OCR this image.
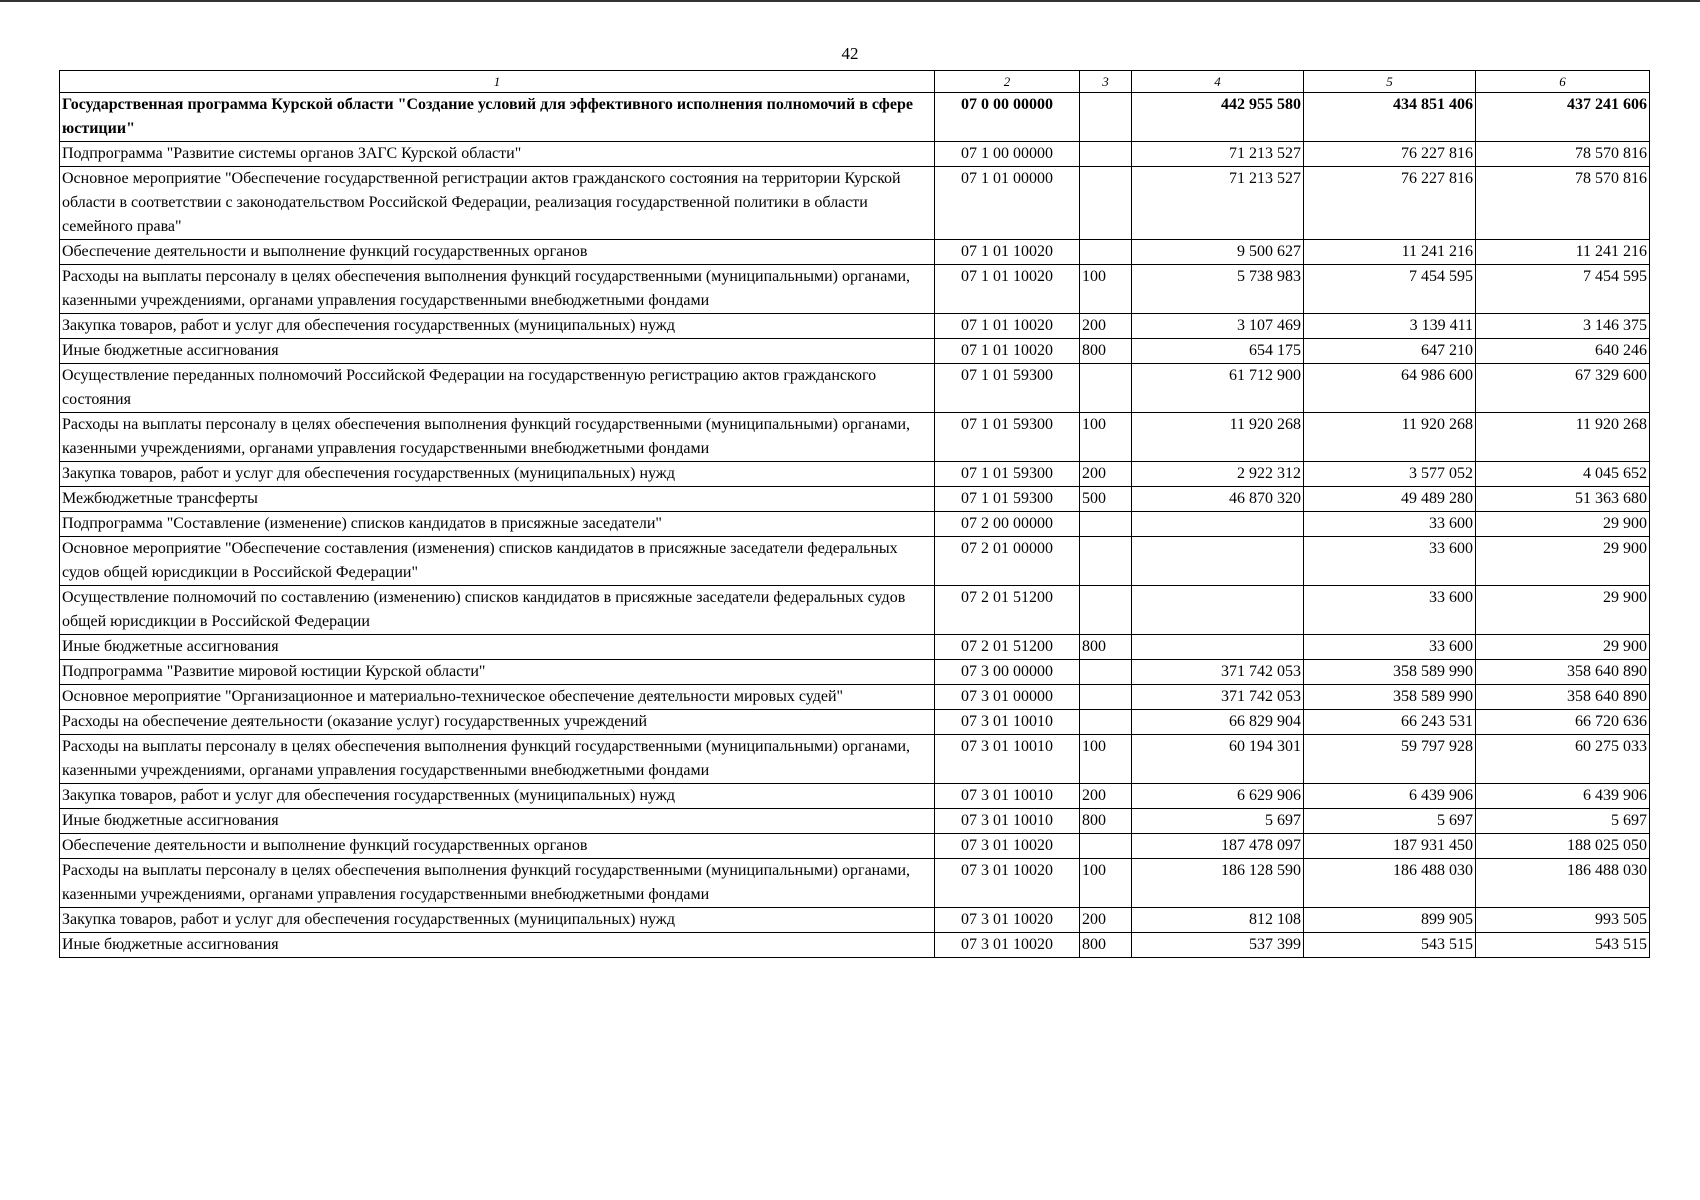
42
1	2	3	4	5	6
Государственная программа Курской области "Создание условий для эффективного исполнения полномочий в сфере юстиции"	07 0 00 00000		442 955 580	434 851 406	437 241 606
Подпрограмма "Развитие системы органов ЗАГС Курской области"	07 1 00 00000		71 213 527	76 227 816	78 570 816
Основное мероприятие "Обеспечение государственной регистрации актов гражданского состояния на территории Курской области в соответствии с законодательством Российской Федерации, реализация государственной политики в области семейного права"	07 1 01 00000		71 213 527	76 227 816	78 570 816
Обеспечение деятельности и выполнение функций государственных органов	07 1 01 10020		9 500 627	11 241 216	11 241 216
Расходы на выплаты персоналу в целях обеспечения выполнения функций государственными (муниципальными) органами, казенными учреждениями, органами управления государственными внебюджетными фондами	07 1 01 10020	100	5 738 983	7 454 595	7 454 595
Закупка товаров, работ и услуг для обеспечения государственных (муниципальных) нужд	07 1 01 10020	200	3 107 469	3 139 411	3 146 375
Иные бюджетные ассигнования	07 1 01 10020	800	654 175	647 210	640 246
Осуществление переданных полномочий Российской Федерации на государственную регистрацию актов гражданского состояния	07 1 01 59300		61 712 900	64 986 600	67 329 600
Расходы на выплаты персоналу в целях обеспечения выполнения функций государственными (муниципальными) органами, казенными учреждениями, органами управления государственными внебюджетными фондами	07 1 01 59300	100	11 920 268	11 920 268	11 920 268
Закупка товаров, работ и услуг для обеспечения государственных (муниципальных) нужд	07 1 01 59300	200	2 922 312	3 577 052	4 045 652
Межбюджетные трансферты	07 1 01 59300	500	46 870 320	49 489 280	51 363 680
Подпрограмма "Составление (изменение) списков кандидатов в присяжные заседатели"	07 2 00 00000			33 600	29 900
Основное мероприятие "Обеспечение составления (изменения) списков кандидатов в присяжные заседатели федеральных судов общей юрисдикции в Российской Федерации"	07 2 01 00000			33 600	29 900
Осуществление полномочий по составлению (изменению) списков кандидатов в присяжные заседатели федеральных судов общей юрисдикции в Российской Федерации	07 2 01 51200			33 600	29 900
Иные бюджетные ассигнования	07 2 01 51200	800		33 600	29 900
Подпрограмма "Развитие мировой юстиции Курской области"	07 3 00 00000		371 742 053	358 589 990	358 640 890
Основное мероприятие "Организационное и материально-техническое обеспечение деятельности мировых судей"	07 3 01 00000		371 742 053	358 589 990	358 640 890
Расходы на обеспечение деятельности (оказание услуг) государственных учреждений	07 3 01 10010		66 829 904	66 243 531	66 720 636
Расходы на выплаты персоналу в целях обеспечения выполнения функций государственными (муниципальными) органами, казенными учреждениями, органами управления государственными внебюджетными фондами	07 3 01 10010	100	60 194 301	59 797 928	60 275 033
Закупка товаров, работ и услуг для обеспечения государственных (муниципальных) нужд	07 3 01 10010	200	6 629 906	6 439 906	6 439 906
Иные бюджетные ассигнования	07 3 01 10010	800	5 697	5 697	5 697
Обеспечение деятельности и выполнение функций государственных органов	07 3 01 10020		187 478 097	187 931 450	188 025 050
Расходы на выплаты персоналу в целях обеспечения выполнения функций государственными (муниципальными) органами, казенными учреждениями, органами управления государственными внебюджетными фондами	07 3 01 10020	100	186 128 590	186 488 030	186 488 030
Закупка товаров, работ и услуг для обеспечения государственных (муниципальных) нужд	07 3 01 10020	200	812 108	899 905	993 505
Иные бюджетные ассигнования	07 3 01 10020	800	537 399	543 515	543 515
